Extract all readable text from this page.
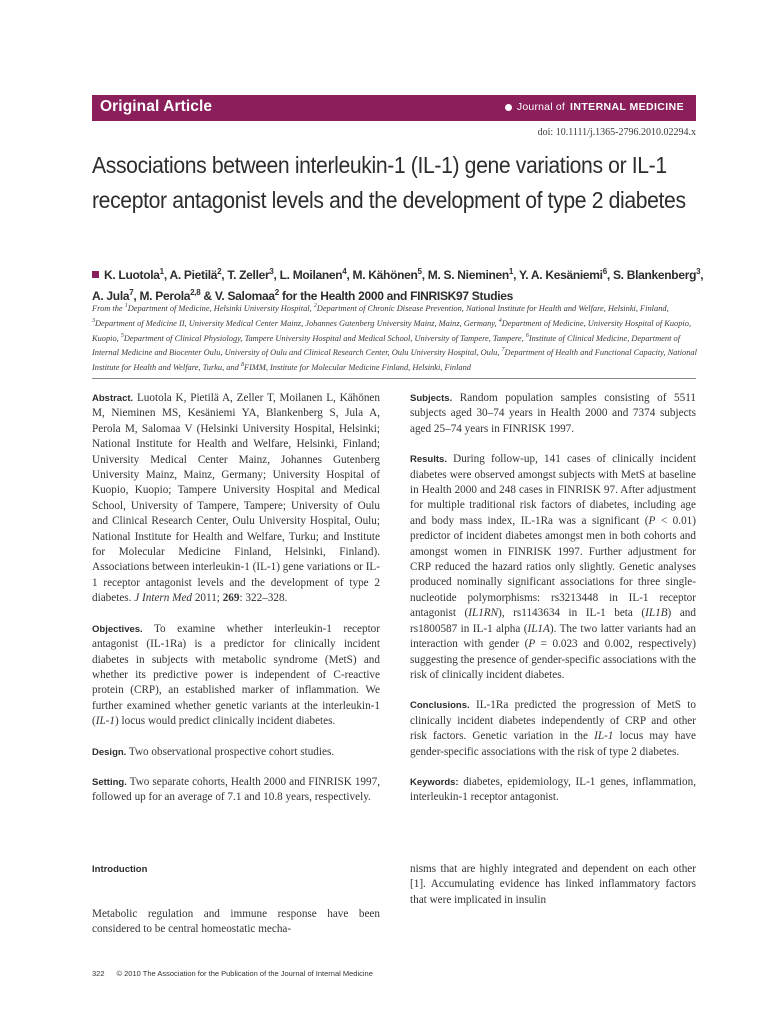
Original Article	Journal of INTERNAL MEDICINE
doi: 10.1111/j.1365-2796.2010.02294.x
Associations between interleukin-1 (IL-1) gene variations or IL-1 receptor antagonist levels and the development of type 2 diabetes
K. Luotola$^1$, A. Pietilä$^2$, T. Zeller$^3$, L. Moilanen$^4$, M. Kähönen$^5$, M. S. Nieminen$^1$, Y. A. Kesäniemi$^6$, S. Blankenberg$^3$, A. Jula$^7$, M. Perola$^{2,8}$ & V. Salomaa$^2$ for the Health 2000 and FINRISK97 Studies
From the $^1$Department of Medicine, Helsinki University Hospital, $^2$Department of Chronic Disease Prevention, National Institute for Health and Welfare, Helsinki, Finland, $^3$Department of Medicine II, University Medical Center Mainz, Johannes Gutenberg University Mainz, Mainz, Germany, $^4$Department of Medicine, University Hospital of Kuopio, Kuopio, $^5$Department of Clinical Physiology, Tampere University Hospital and Medical School, University of Tampere, Tampere, $^6$Institute of Clinical Medicine, Department of Internal Medicine and Biocenter Oulu, University of Oulu and Clinical Research Center, Oulu University Hospital, Oulu, $^7$Department of Health and Functional Capacity, National Institute for Health and Welfare, Turku, and $^8$FIMM, Institute for Molecular Medicine Finland, Helsinki, Finland

Abstract. Luotola K, Pietilä A, Zeller T, Moilanen L, Kähönen M, Nieminen MS, Kesäniemi YA, Blankenberg S, Jula A, Perola M, Salomaa V (Helsinki University Hospital, Helsinki; National Institute for Health and Welfare, Helsinki, Finland; University Medical Center Mainz, Johannes Gutenberg University Mainz, Mainz, Germany; University Hospital of Kuopio, Kuopio; Tampere University Hospital and Medical School, University of Tampere, Tampere; University of Oulu and Clinical Research Center, Oulu University Hospital, Oulu; National Institute for Health and Welfare, Turku; and Institute for Molecular Medicine Finland, Helsinki, Finland). Associations between interleukin-1 (IL-1) gene variations or IL-1 receptor antagonist levels and the development of type 2 diabetes. J Intern Med 2011; 269: 322–328.

Objectives. To examine whether interleukin-1 receptor antagonist (IL-1Ra) is a predictor for clinically incident diabetes in subjects with metabolic syndrome (MetS) and whether its predictive power is independent of C-reactive protein (CRP), an established marker of inflammation. We further examined whether genetic variants at the interleukin-1 (IL-1) locus would predict clinically incident diabetes.

Design. Two observational prospective cohort studies.

Setting. Two separate cohorts, Health 2000 and FINRISK 1997, followed up for an average of 7.1 and 10.8 years, respectively.

Subjects. Random population samples consisting of 5511 subjects aged 30–74 years in Health 2000 and 7374 subjects aged 25–74 years in FINRISK 1997.

Results. During follow-up, 141 cases of clinically incident diabetes were observed amongst subjects with MetS at baseline in Health 2000 and 248 cases in FINRISK 97. After adjustment for multiple traditional risk factors of diabetes, including age and body mass index, IL-1Ra was a significant (P < 0.01) predictor of incident diabetes amongst men in both cohorts and amongst women in FINRISK 1997. Further adjustment for CRP reduced the hazard ratios only slightly. Genetic analyses produced nominally significant associations for three single-nucleotide polymorphisms: rs3213448 in IL-1 receptor antagonist (IL1RN), rs1143634 in IL-1 beta (IL1B) and rs1800587 in IL-1 alpha (IL1A). The two latter variants had an interaction with gender (P = 0.023 and 0.002, respectively) suggesting the presence of gender-specific associations with the risk of clinically incident diabetes.

Conclusions. IL-1Ra predicted the progression of MetS to clinically incident diabetes independently of CRP and other risk factors. Genetic variation in the IL-1 locus may have gender-specific associations with the risk of type 2 diabetes.

Keywords: diabetes, epidemiology, IL-1 genes, inflammation, interleukin-1 receptor antagonist.

Introduction
Metabolic regulation and immune response have been considered to be central homeostatic mecha-
nisms that are highly integrated and dependent on each other [1]. Accumulating evidence has linked inflammatory factors that were implicated in insulin
322 © 2010 The Association for the Publication of the Journal of Internal Medicine
